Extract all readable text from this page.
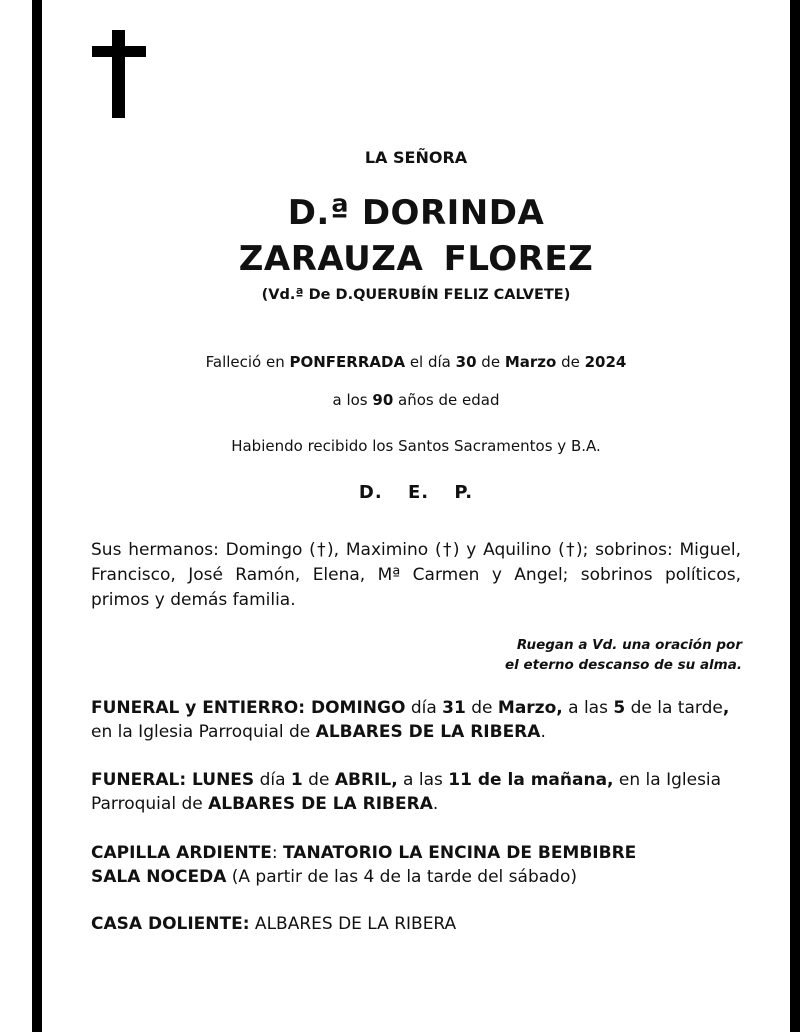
LA SEÑORA

D.ª DORINDA

ZARAUZA FLOREZ

(Vd.ª De D.QUERUBÍN FELIZ CALVETE)

Falleció en PONFERRADA el día 30 de Marzo de 2024

a los 90 años de edad

Habiendo recibido los Santos Sacramentos y B.A.

D. E. P.

Sus hermanos: Domingo (†), Maximino (†) y Aquilino (†); sobrinos: Miguel, Francisco, José Ramón, Elena, Mª Carmen y Angel; sobrinos políticos, primos y demás familia.

Ruegan a Vd. una oración por
el eterno descanso de su alma.

FUNERAL y ENTIERRO: DOMINGO día 31 de Marzo, a las 5 de la tarde,
en la Iglesia Parroquial de ALBARES DE LA RIBERA.

FUNERAL: LUNES día 1 de ABRIL, a las 11 de la mañana, en la Iglesia Parroquial de ALBARES DE LA RIBERA.

CAPILLA ARDIENTE: TANATORIO LA ENCINA DE BEMBIBRE
SALA NOCEDA (A partir de las 4 de la tarde del sábado)

CASA DOLIENTE: ALBARES DE LA RIBERA
